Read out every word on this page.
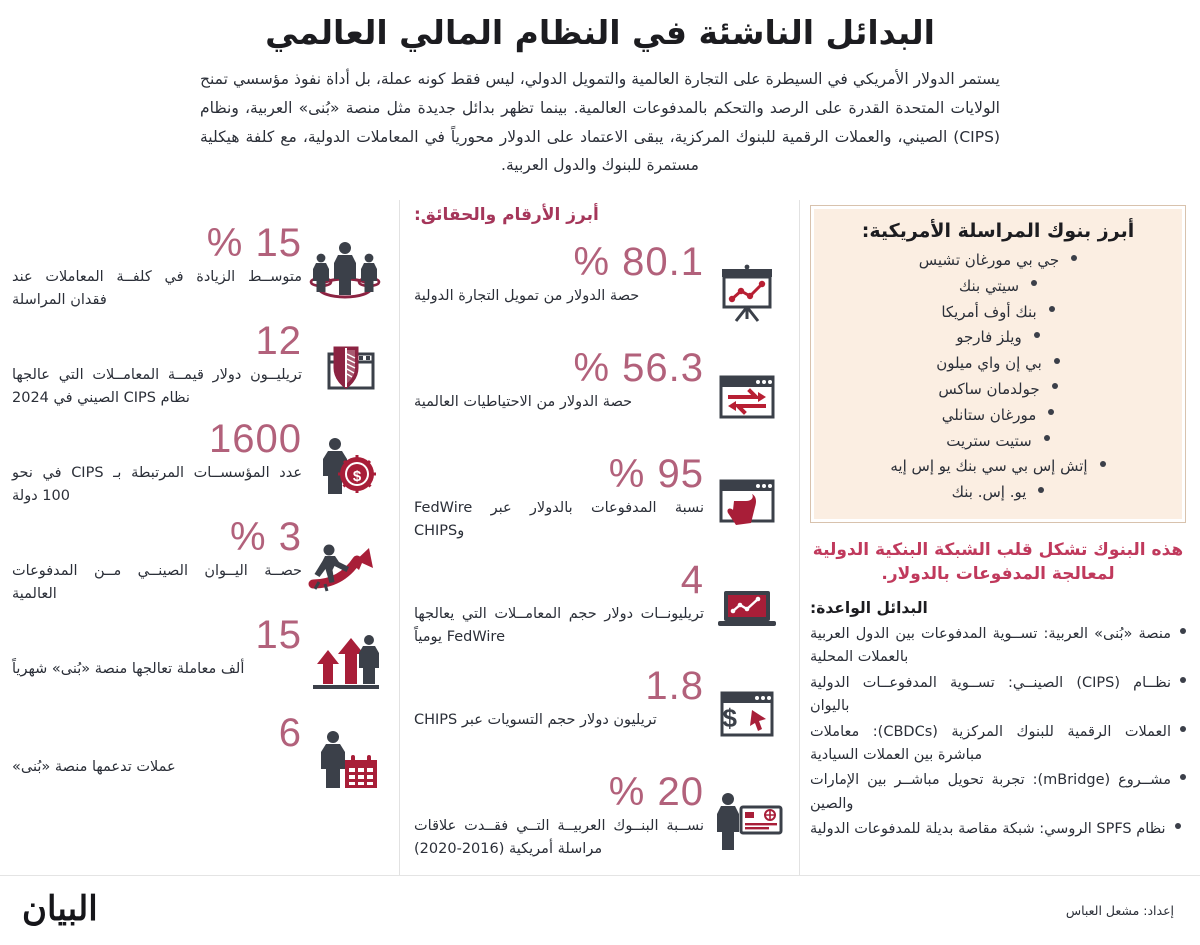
البدائل الناشئة في النظام المالي العالمي

يستمر الدولار الأمريكي في السيطرة على التجارة العالمية والتمويل الدولي، ليس فقط كونه عملة، بل أداة نفوذ مؤسسي تمنح الولايات المتحدة القدرة على الرصد والتحكم بالمدفوعات العالمية. بينما تظهر بدائل جديدة مثل منصة «بُنى» العربية، ونظام (CIPS) الصيني، والعملات الرقمية للبنوك المركزية، يبقى الاعتماد على الدولار محورياً في المعاملات الدولية، مع كلفة هيكلية مستمرة للبنوك والدول العربية.

أبرز بنوك المراسلة الأمريكية:
جي بي مورغان تشيس
سيتي بنك
بنك أوف أمريكا
ويلز فارجو
بي إن واي ميلون
جولدمان ساكس
مورغان ستانلي
ستيت ستريت
إتش إس بي سي بنك يو إس إيه
يو. إس. بنك
هذه البنوك تشكل قلب الشبكة البنكية الدولية لمعالجة المدفوعات بالدولار.
البدائل الواعدة:
منصة «بُنى» العربية: تســوية المدفوعات بين الدول العربية بالعملات المحلية
نظــام (CIPS) الصينــي: تســوية المدفوعــات الدولية باليوان
العملات الرقمية للبنوك المركزية (CBDCs): معاملات مباشرة بين العملات السيادية
مشــروع (mBridge): تجربة تحويل مباشــر بين الإمارات والصين
نظام SPFS الروسي: شبكة مقاصة بديلة للمدفوعات الدولية
أبرز الأرقام والحقائق:
% 80.1
حصة الدولار من تمويل التجارة الدولية
% 56.3
حصة الدولار من الاحتياطيات العالمية
% 95
نسبة المدفوعات بالدولار عبر FedWire وCHIPS
4
تريليونــات دولار حجم المعامــلات التي يعالجها FedWire يومياً
$
1.8
تريليون دولار حجم التسويات عبر CHIPS
% 20
نســبة البنــوك العربيــة التــي فقــدت علاقات مراسلة أمريكية (2016-2020)
% 15
متوســط الزيادة في كلفــة المعاملات عند فقدان المراسلة
12
تريليــون دولار قيمــة المعامــلات التي عالجها نظام CIPS الصيني في 2024
$
1600
عدد المؤسســات المرتبطة بـ CIPS في نحو 100 دولة
% 3
حصــة اليــوان الصينــي مــن المدفوعات العالمية
15
ألف معاملة تعالجها منصة «بُنى» شهرياً
6
عملات تدعمها منصة «بُنى»
إعداد: مشعل العباس
البيان
